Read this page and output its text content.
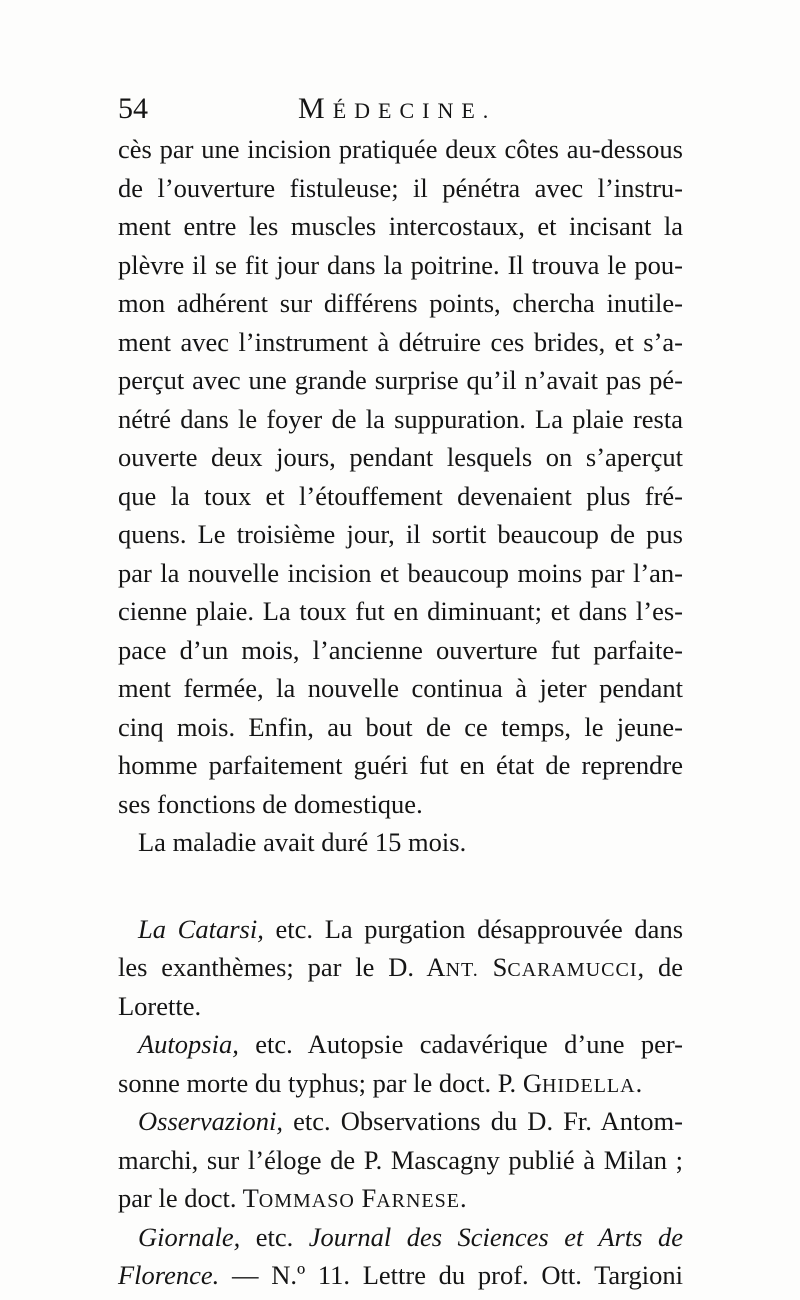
54	MÉDECINE.
cès par une incision pratiquée deux côtes au-dessous
de l’ouverture fistuleuse; il pénétra avec l’instru-
ment entre les muscles intercostaux, et incisant la
plèvre il se fit jour dans la poitrine. Il trouva le pou-
mon adhérent sur différens points, chercha inutile-
ment avec l’instrument à détruire ces brides, et s’a-
perçut avec une grande surprise qu’il n’avait pas pé-
nétré dans le foyer de la suppuration. La plaie resta
ouverte deux jours, pendant lesquels on s’aperçut
que la toux et l’étouffement devenaient plus fré-
quens. Le troisième jour, il sortit beaucoup de pus
par la nouvelle incision et beaucoup moins par l’an-
cienne plaie. La toux fut en diminuant; et dans l’es-
pace d’un mois, l’ancienne ouverture fut parfaite-
ment fermée, la nouvelle continua à jeter pendant
cinq mois. Enfin, au bout de ce temps, le jeune-
homme parfaitement guéri fut en état de reprendre
ses fonctions de domestique.
La maladie avait duré 15 mois.
La Catarsi, etc. La purgation désapprouvée dans
les exanthèmes; par le D. ANT. SCARAMUCCI, de
Lorette.
Autopsia, etc. Autopsie cadavérique d’une per-
sonne morte du typhus; par le doct. P. GHIDELLA.
Osservazioni, etc. Observations du D. Fr. Antom-
marchi, sur l’éloge de P. Mascagny publié à Milan ;
par le doct. TOMMASO FARNESE.
Giornale, etc. Journal des Sciences et Arts de
Florence. — N.º 11. Lettre du prof. Ott. Targioni
